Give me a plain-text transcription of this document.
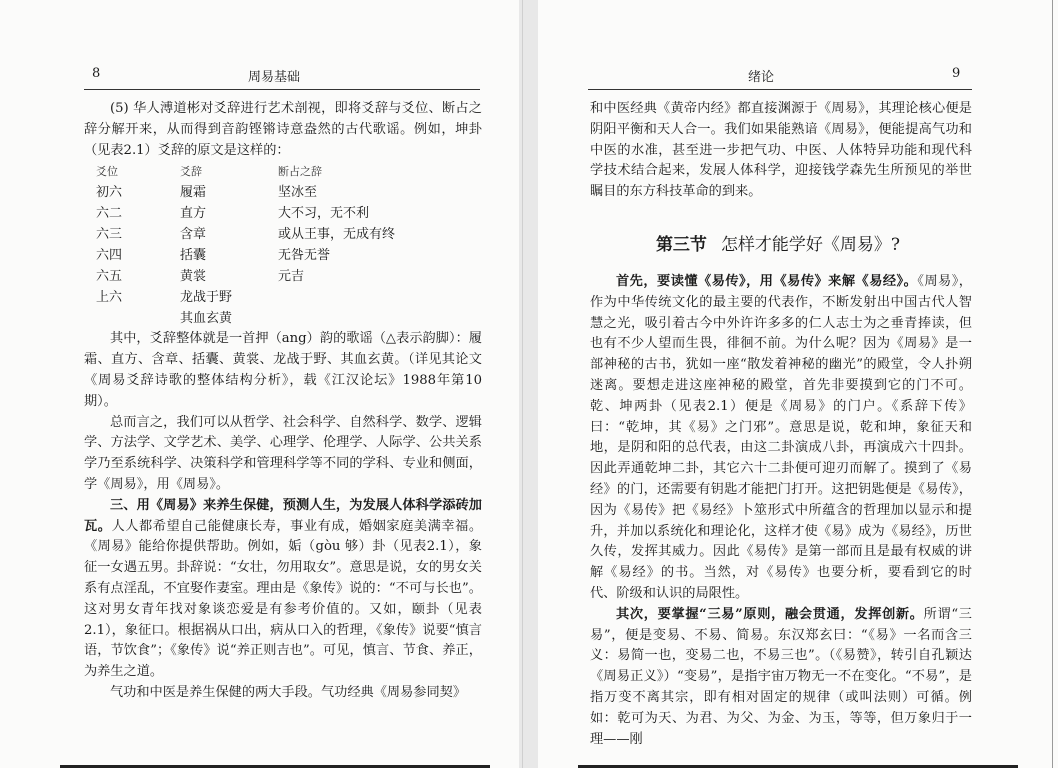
8	周易基础

(5) 华人溥道彬对爻辞进行艺术剖视，即将爻辞与爻位、断占之辞分解开来，从而得到音韵铿锵诗意盎然的古代歌谣。例如，坤卦（见表2.1）爻辞的原文是这样的：

爻位	爻辞	断占之辞
初六	履霜	坚冰至
六二	直方	大不习，无不利
六三	含章	或从王事，无成有终
六四	括囊	无咎无誉
六五	黄裳	元吉
上六	龙战于野
其血玄黄

其中，爻辞整体就是一首押（ang）韵的歌谣（△表示韵脚）：履霜、直方、含章、括囊、黄裳、龙战于野、其血玄黄。（详见其论文《周易爻辞诗歌的整体结构分析》，载《江汉论坛》1988年第10期）。

总而言之，我们可以从哲学、社会科学、自然科学、数学、逻辑学、方法学、文学艺术、美学、心理学、伦理学、人际学、公共关系学乃至系统科学、决策科学和管理科学等不同的学科、专业和侧面，学《周易》，用《周易》。

三、用《周易》来养生保健，预测人生，为发展人体科学添砖加瓦。人人都希望自己能健康长寿，事业有成，婚姻家庭美满幸福。《周易》能给你提供帮助。例如，姤（gòu 够）卦（见表2.1），象征一女遇五男。卦辞说：“女壮，勿用取女”。意思是说，女的男女关系有点淫乱，不宜娶作妻室。理由是《象传》说的：“不可与长也”。这对男女青年找对象谈恋爱是有参考价值的。又如，颐卦（见表2.1），象征口。根据祸从口出，病从口入的哲理，《象传》说要“慎言语，节饮食”；《象传》说“养正则吉也”。可见，慎言、节食、养正，为养生之道。

气功和中医是养生保健的两大手段。气功经典《周易参同契》

绪论	9

和中医经典《黄帝内经》都直接渊源于《周易》，其理论核心便是阴阳平衡和天人合一。我们如果能熟谙《周易》，便能提高气功和中医的水准，甚至进一步把气功、中医、人体特异功能和现代科学技术结合起来，发展人体科学，迎接钱学森先生所预见的举世瞩目的东方科技革命的到来。

第三节 怎样才能学好《周易》?

首先，要读懂《易传》，用《易传》来解《易经》。《周易》，作为中华传统文化的最主要的代表作，不断发射出中国古代人智慧之光，吸引着古今中外许许多多的仁人志士为之垂青捧读，但也有不少人望而生畏，徘徊不前。为什么呢？因为《周易》是一部神秘的古书，犹如一座“散发着神秘的幽光”的殿堂，令人扑朔迷离。要想走进这座神秘的殿堂，首先非要摸到它的门不可。乾、坤两卦（见表2.1）便是《周易》的门户。《系辞下传》曰：“乾坤，其《易》之门邪”。意思是说，乾和坤，象征天和地，是阴和阳的总代表，由这二卦演成八卦，再演成六十四卦。因此弄通乾坤二卦，其它六十二卦便可迎刃而解了。摸到了《易经》的门，还需要有钥匙才能把门打开。这把钥匙便是《易传》，因为《易传》把《易经》卜筮形式中所蕴含的哲理加以显示和提升，并加以系统化和理论化，这样才使《易》成为《易经》，历世久传，发挥其威力。因此《易传》是第一部而且是最有权威的讲解《易经》的书。当然，对《易传》也要分析，要看到它的时代、阶级和认识的局限性。

其次，要掌握“三易”原则，融会贯通，发挥创新。所谓“三易”，便是变易、不易、简易。东汉郑玄曰：“《易》一名而含三义：易简一也，变易二也，不易三也”。（《易赞》，转引自孔颖达《周易正义》）“变易”，是指宇宙万物无一不在变化。“不易”，是指万变不离其宗，即有相对固定的规律（或叫法则）可循。例如：乾可为天、为君、为父、为金、为玉，等等，但万象归于一理——刚
